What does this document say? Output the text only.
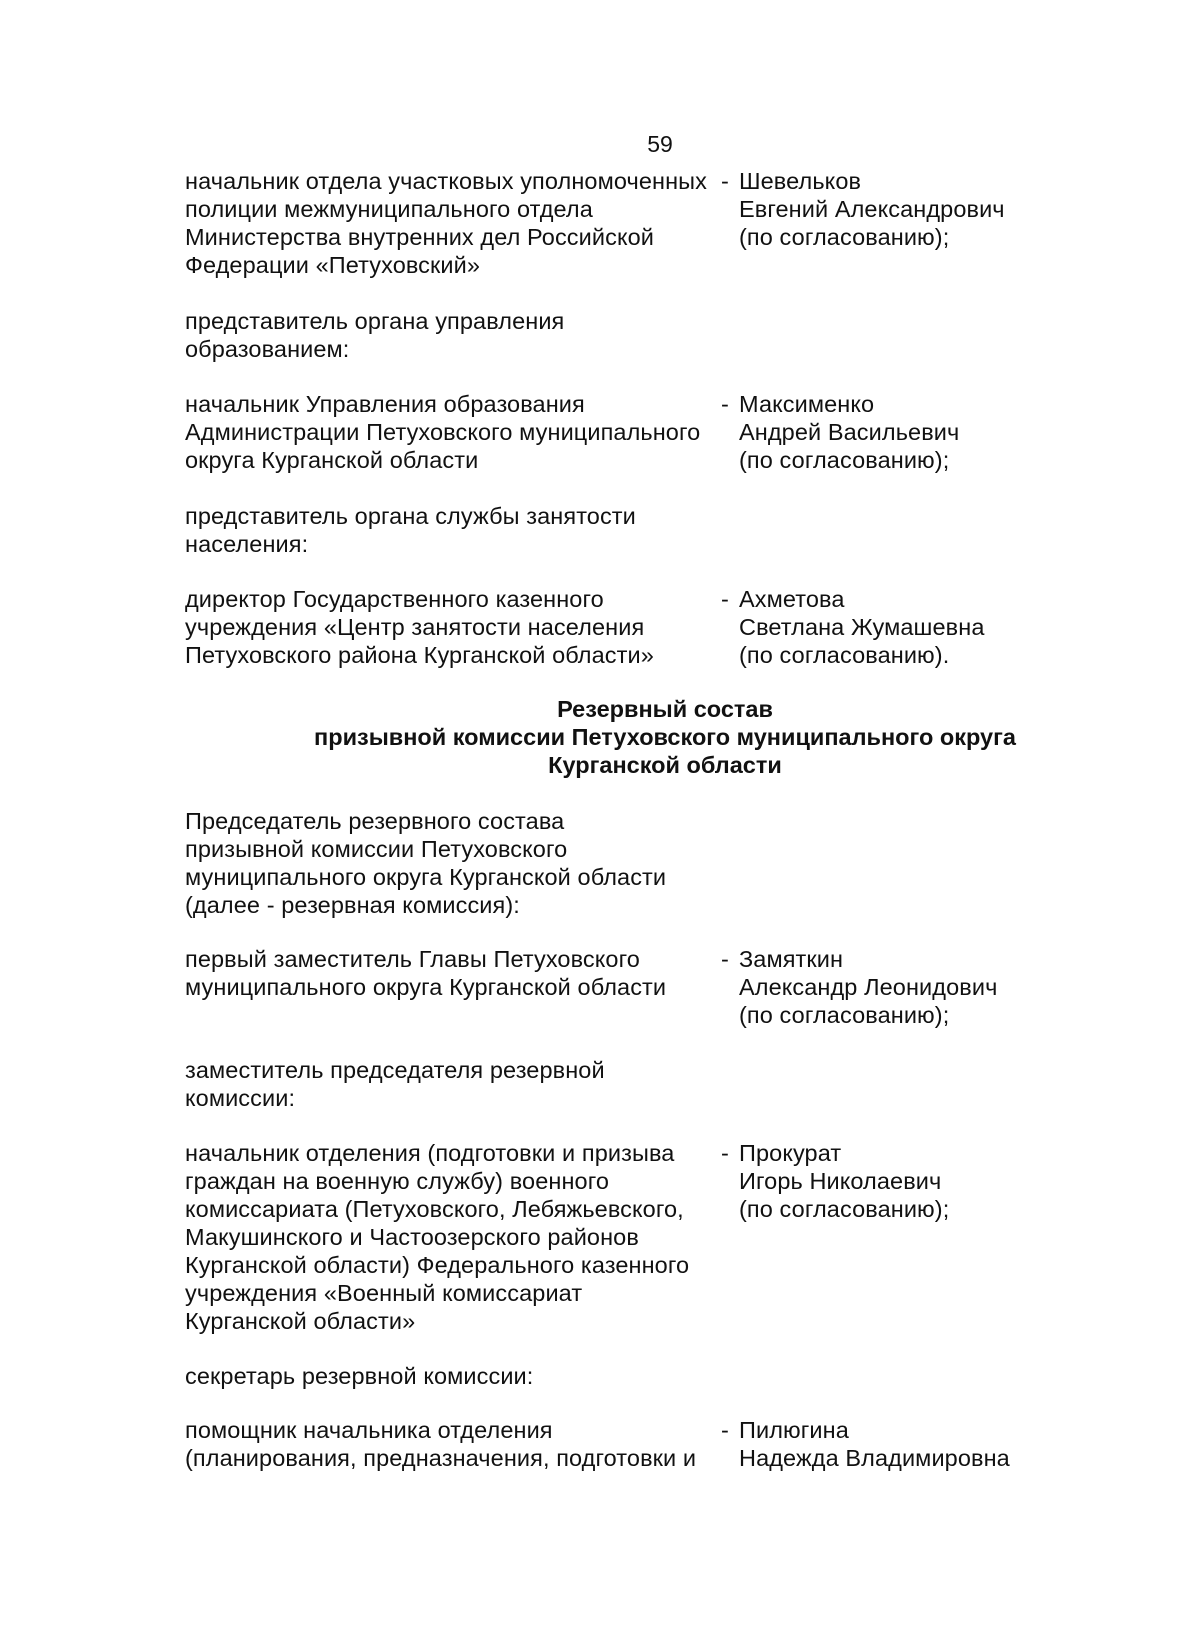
59
начальник отдела участковых уполномоченных
полиции межмуниципального отдела
Министерства внутренних дел Российской
Федерации «Петуховский»
- Шевельков
Евгений Александрович
(по согласованию);
представитель органа управления
образованием:
начальник Управления образования
Администрации Петуховского муниципального
округа Курганской области
- Максименко
Андрей Васильевич
(по согласованию);
представитель органа службы занятости
населения:
директор Государственного казенного
учреждения «Центр занятости населения
Петуховского района Курганской области»
- Ахметова
Светлана Жумашевна
(по согласованию).
Резервный состав
призывной комиссии Петуховского муниципального округа
Курганской области
Председатель резервного состава
призывной комиссии Петуховского
муниципального округа Курганской области
(далее - резервная комиссия):
первый заместитель Главы Петуховского
муниципального округа Курганской области
- Замяткин
Александр Леонидович
(по согласованию);
заместитель председателя резервной
комиссии:
начальник отделения (подготовки и призыва
граждан на военную службу) военного
комиссариата (Петуховского, Лебяжьевского,
Макушинского и Частоозерского районов
Курганской области) Федерального казенного
учреждения «Военный комиссариат
Курганской области»
- Прокурат
Игорь Николаевич
(по согласованию);
секретарь резервной комиссии:
помощник начальника отделения
(планирования, предназначения, подготовки и
- Пилюгина
Надежда Владимировна
